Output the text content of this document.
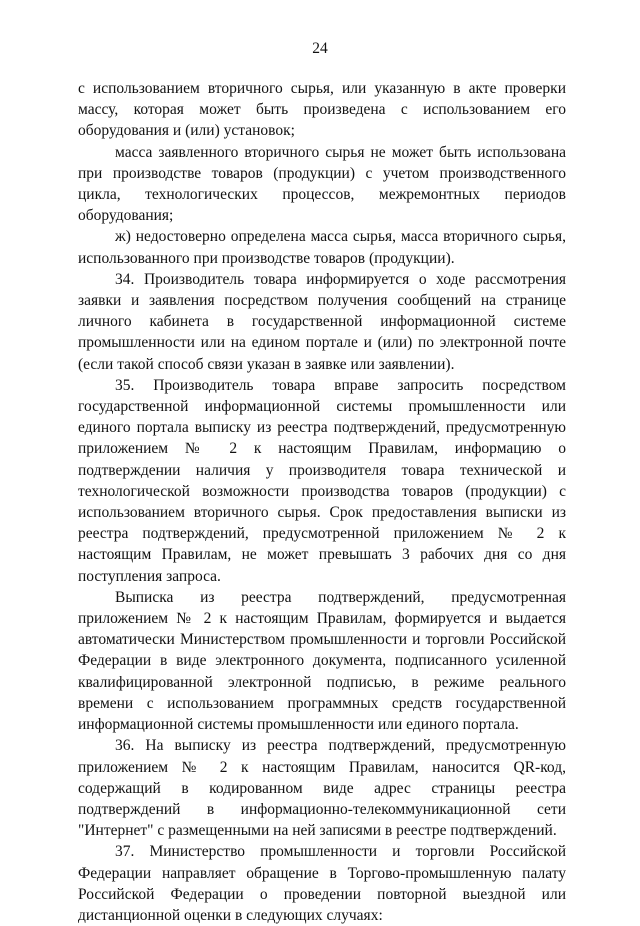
24

с использованием вторичного сырья, или указанную в акте проверки массу, которая может быть произведена с использованием его оборудования и (или) установок;

масса заявленного вторичного сырья не может быть использована при производстве товаров (продукции) с учетом производственного цикла, технологических процессов, межремонтных периодов оборудования;

ж) недостоверно определена масса сырья, масса вторичного сырья, использованного при производстве товаров (продукции).

34. Производитель товара информируется о ходе рассмотрения заявки и заявления посредством получения сообщений на странице личного кабинета в государственной информационной системе промышленности или на едином портале и (или) по электронной почте (если такой способ связи указан в заявке или заявлении).

35. Производитель товара вправе запросить посредством государственной информационной системы промышленности или единого портала выписку из реестра подтверждений, предусмотренную приложением № 2 к настоящим Правилам, информацию о подтверждении наличия у производителя товара технической и технологической возможности производства товаров (продукции) с использованием вторичного сырья. Срок предоставления выписки из реестра подтверждений, предусмотренной приложением № 2 к настоящим Правилам, не может превышать 3 рабочих дня со дня поступления запроса.

Выписка из реестра подтверждений, предусмотренная приложением № 2 к настоящим Правилам, формируется и выдается автоматически Министерством промышленности и торговли Российской Федерации в виде электронного документа, подписанного усиленной квалифицированной электронной подписью, в режиме реального времени с использованием программных средств государственной информационной системы промышленности или единого портала.

36. На выписку из реестра подтверждений, предусмотренную приложением № 2 к настоящим Правилам, наносится QR-код, содержащий в кодированном виде адрес страницы реестра подтверждений в информационно-телекоммуникационной сети "Интернет" с размещенными на ней записями в реестре подтверждений.

37. Министерство промышленности и торговли Российской Федерации направляет обращение в Торгово-промышленную палату Российской Федерации о проведении повторной выездной или дистанционной оценки в следующих случаях:
